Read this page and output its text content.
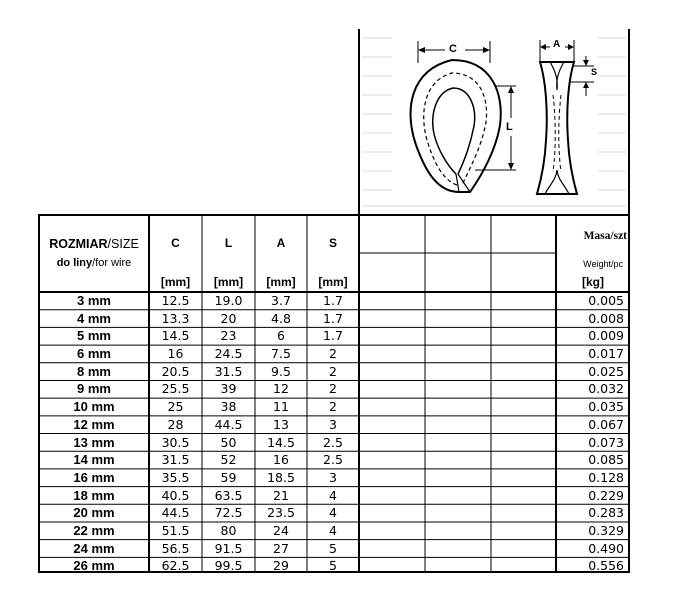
C
L
A
S
ROZMIAR/SIZE
do liny/for wire
C	L	A	S
[mm]	[mm]	[mm]	[mm]
Masa/szt
Weight/pc
[kg]
3 mm	12.5	19.0	3.7	1.7	0.005
4 mm	13.3	20	4.8	1.7	0.008
5 mm	14.5	23	6	1.7	0.009
6 mm	16	24.5	7.5	2	0.017
8 mm	20.5	31.5	9.5	2	0.025
9 mm	25.5	39	12	2	0.032
10 mm	25	38	11	2	0.035
12 mm	28	44.5	13	3	0.067
13 mm	30.5	50	14.5	2.5	0.073
14 mm	31.5	52	16	2.5	0.085
16 mm	35.5	59	18.5	3	0.128
18 mm	40.5	63.5	21	4	0.229
20 mm	44.5	72.5	23.5	4	0.283
22 mm	51.5	80	24	4	0.329
24 mm	56.5	91.5	27	5	0.490
26 mm	62.5	99.5	29	5	0.556
